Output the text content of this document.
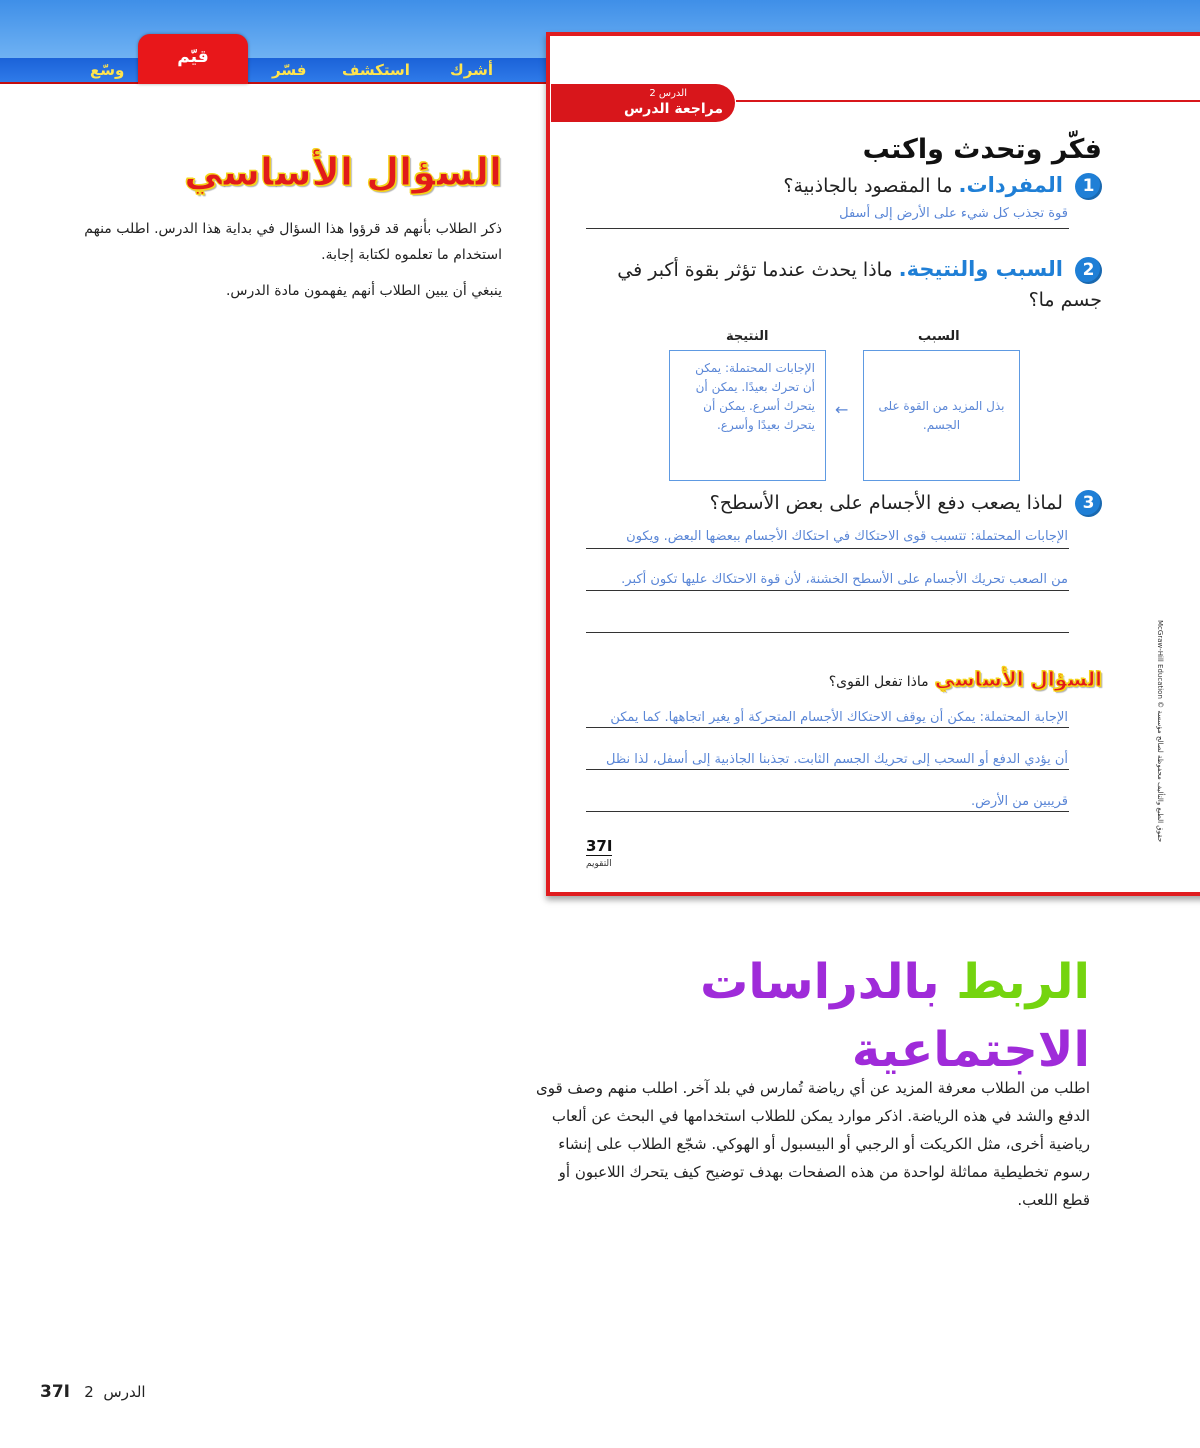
أشرك
استكشف
فسّر
وسّع
قيّم
الدرس 2
مراجعة الدرس
فكّر وتحدث واكتب
1 المفردات. ما المقصود بالجاذبية؟
قوة تجذب كل شيء على الأرض إلى أسفل
2 السبب والنتيجة. ماذا يحدث عندما تؤثر بقوة أكبر في جسم ما؟
السبب
النتيجة

بذل المزيد من القوة على الجسم.

←

الإجابات المحتملة: يمكن أن تحرك بعيدًا. يمكن أن يتحرك أسرع. يمكن أن يتحرك بعيدًا وأسرع.

3 لماذا يصعب دفع الأجسام على بعض الأسطح؟
الإجابات المحتملة: تتسبب قوى الاحتكاك في احتكاك الأجسام ببعضها البعض. ويكون
من الصعب تحريك الأجسام على الأسطح الخشنة، لأن قوة الاحتكاك عليها تكون أكبر.
السؤال الأساسي ماذا تفعل القوى؟
الإجابة المحتملة: يمكن أن يوقف الاحتكاك الأجسام المتحركة أو يغير اتجاهها. كما يمكن
أن يؤدي الدفع أو السحب إلى تحريك الجسم الثابت. تجذبنا الجاذبية إلى أسفل، لذا نظل
قريبين من الأرض.
37I
التقويم
McGraw-Hill Education © حقوق الطبع والتأليف محفوظة لصالح مؤسسة
السؤال الأساسي
ذكر الطلاب بأنهم قد قرؤوا هذا السؤال في بداية هذا الدرس. اطلب منهم استخدام ما تعلموه لكتابة إجابة.
ينبغي أن يبين الطلاب أنهم يفهمون مادة الدرس.
الربط بالدراسات الاجتماعية
اطلب من الطلاب معرفة المزيد عن أي رياضة تُمارس في بلد آخر. اطلب منهم وصف قوى الدفع والشد في هذه الرياضة. اذكر موارد يمكن للطلاب استخدامها في البحث عن ألعاب رياضية أخرى، مثل الكريكت أو الرجبي أو البيسبول أو الهوكي. شجّع الطلاب على إنشاء رسوم تخطيطية مماثلة لواحدة من هذه الصفحات بهدف توضيح كيف يتحرك اللاعبون أو قطع اللعب.
37I 2 الدرس
